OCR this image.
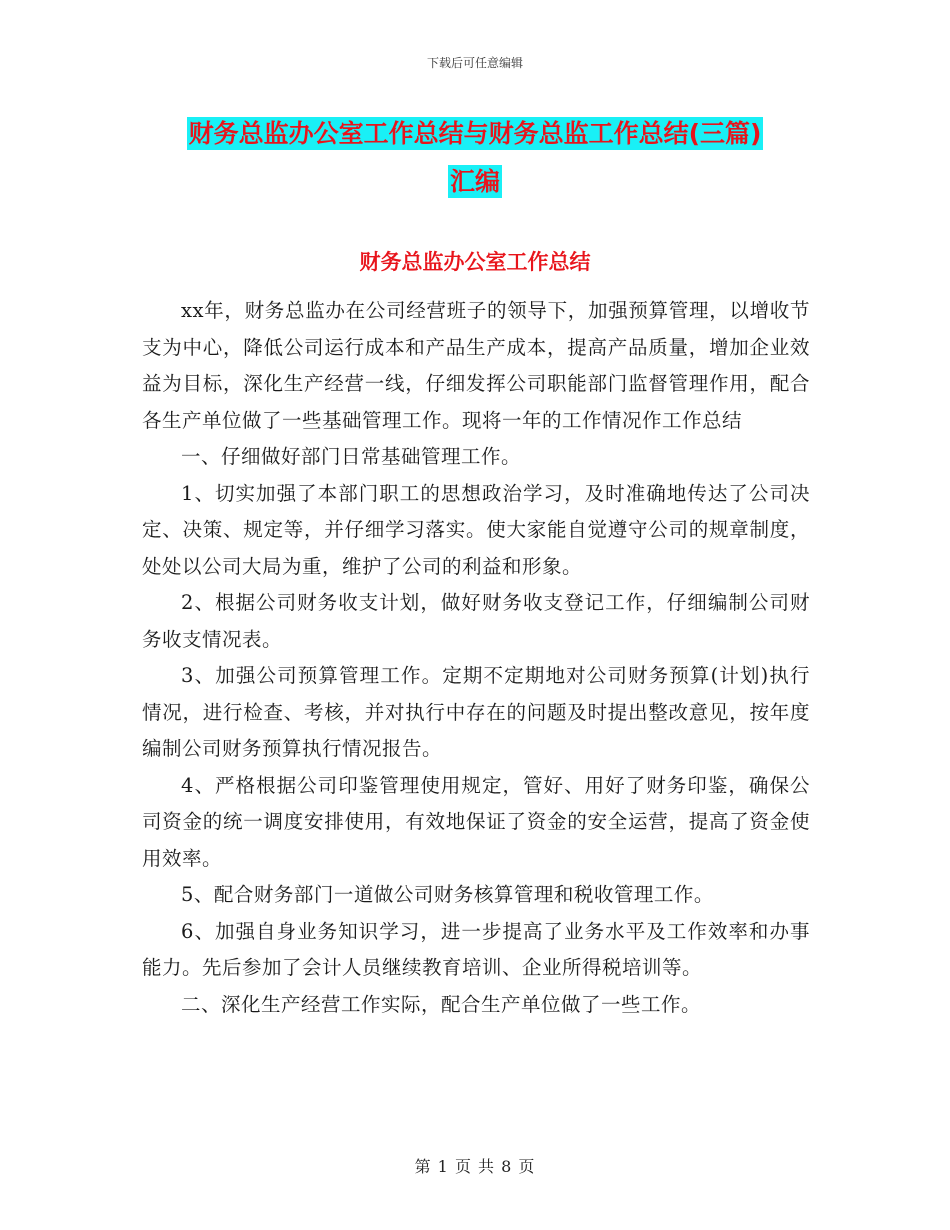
下载后可任意编辑
财务总监办公室工作总结与财务总监工作总结(三篇)
汇编
财务总监办公室工作总结

xx年，财务总监办在公司经营班子的领导下，加强预算管理，以增收节支为中心，降低公司运行成本和产品生产成本，提高产品质量，增加企业效益为目标，深化生产经营一线，仔细发挥公司职能部门监督管理作用，配合各生产单位做了一些基础管理工作。现将一年的工作情况作工作总结

一、仔细做好部门日常基础管理工作。

1、切实加强了本部门职工的思想政治学习，及时准确地传达了公司决定、决策、规定等，并仔细学习落实。使大家能自觉遵守公司的规章制度，处处以公司大局为重，维护了公司的利益和形象。

2、根据公司财务收支计划，做好财务收支登记工作，仔细编制公司财务收支情况表。

3、加强公司预算管理工作。定期不定期地对公司财务预算(计划)执行情况，进行检查、考核，并对执行中存在的问题及时提出整改意见，按年度编制公司财务预算执行情况报告。

4、严格根据公司印鉴管理使用规定，管好、用好了财务印鉴，确保公司资金的统一调度安排使用，有效地保证了资金的安全运营，提高了资金使用效率。

5、配合财务部门一道做公司财务核算管理和税收管理工作。

6、加强自身业务知识学习，进一步提高了业务水平及工作效率和办事能力。先后参加了会计人员继续教育培训、企业所得税培训等。

二、深化生产经营工作实际，配合生产单位做了一些工作。

第 1 页 共 8 页
